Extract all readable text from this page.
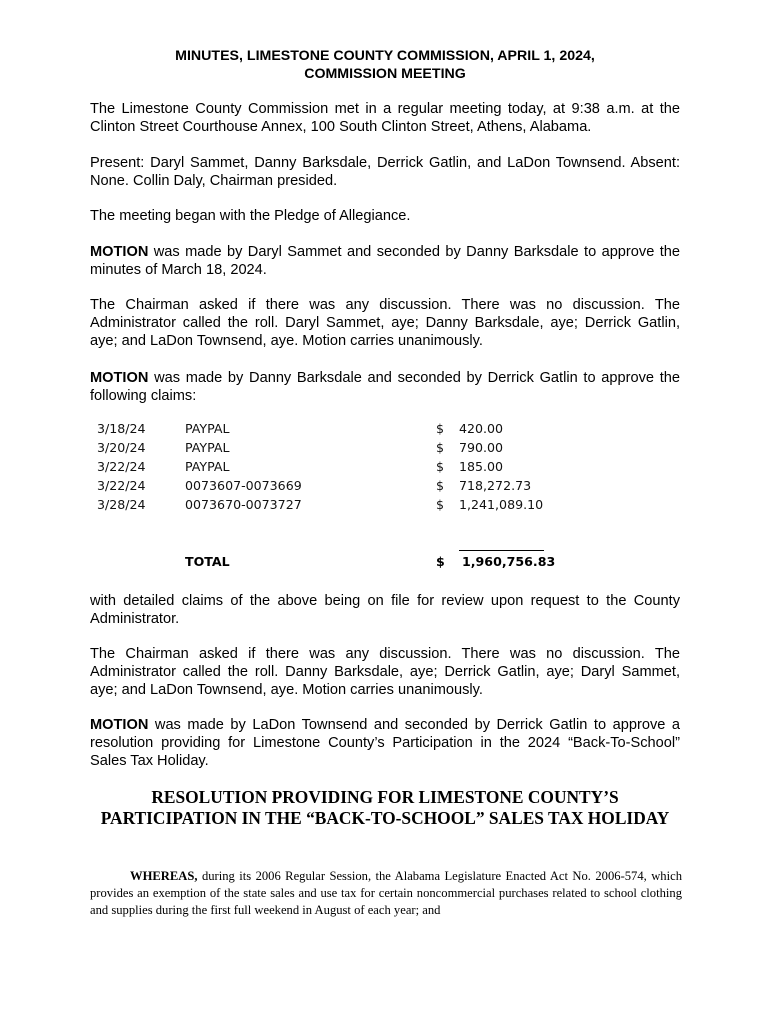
MINUTES, LIMESTONE COUNTY COMMISSION, APRIL 1, 2024,
COMMISSION MEETING

The Limestone County Commission met in a regular meeting today, at 9:38 a.m. at the Clinton Street Courthouse Annex, 100 South Clinton Street, Athens, Alabama.

Present: Daryl Sammet, Danny Barksdale, Derrick Gatlin, and LaDon Townsend. Absent: None. Collin Daly, Chairman presided.

The meeting began with the Pledge of Allegiance.

MOTION was made by Daryl Sammet and seconded by Danny Barksdale to approve the minutes of March 18, 2024.

The Chairman asked if there was any discussion. There was no discussion. The Administrator called the roll. Daryl Sammet, aye; Danny Barksdale, aye; Derrick Gatlin, aye; and LaDon Townsend, aye. Motion carries unanimously.

MOTION was made by Danny Barksdale and seconded by Derrick Gatlin to approve the following claims:

3/18/24	PAYPAL	$ 420.00
3/20/24	PAYPAL	$ 790.00
3/22/24	PAYPAL	$ 185.00
3/22/24	0073607-0073669	$ 718,272.73
3/28/24	0073670-0073727	$ 1,241,089.10
TOTAL	$ 1,960,756.83

with detailed claims of the above being on file for review upon request to the County Administrator.

The Chairman asked if there was any discussion. There was no discussion. The Administrator called the roll. Danny Barksdale, aye; Derrick Gatlin, aye; Daryl Sammet, aye; and LaDon Townsend, aye. Motion carries unanimously.

MOTION was made by LaDon Townsend and seconded by Derrick Gatlin to approve a resolution providing for Limestone County’s Participation in the 2024 “Back-To-School” Sales Tax Holiday.

RESOLUTION PROVIDING FOR LIMESTONE COUNTY’S PARTICIPATION IN THE “BACK-TO-SCHOOL” SALES TAX HOLIDAY

WHEREAS, during its 2006 Regular Session, the Alabama Legislature Enacted Act No. 2006-574, which provides an exemption of the state sales and use tax for certain noncommercial purchases related to school clothing and supplies during the first full weekend in August of each year; and
